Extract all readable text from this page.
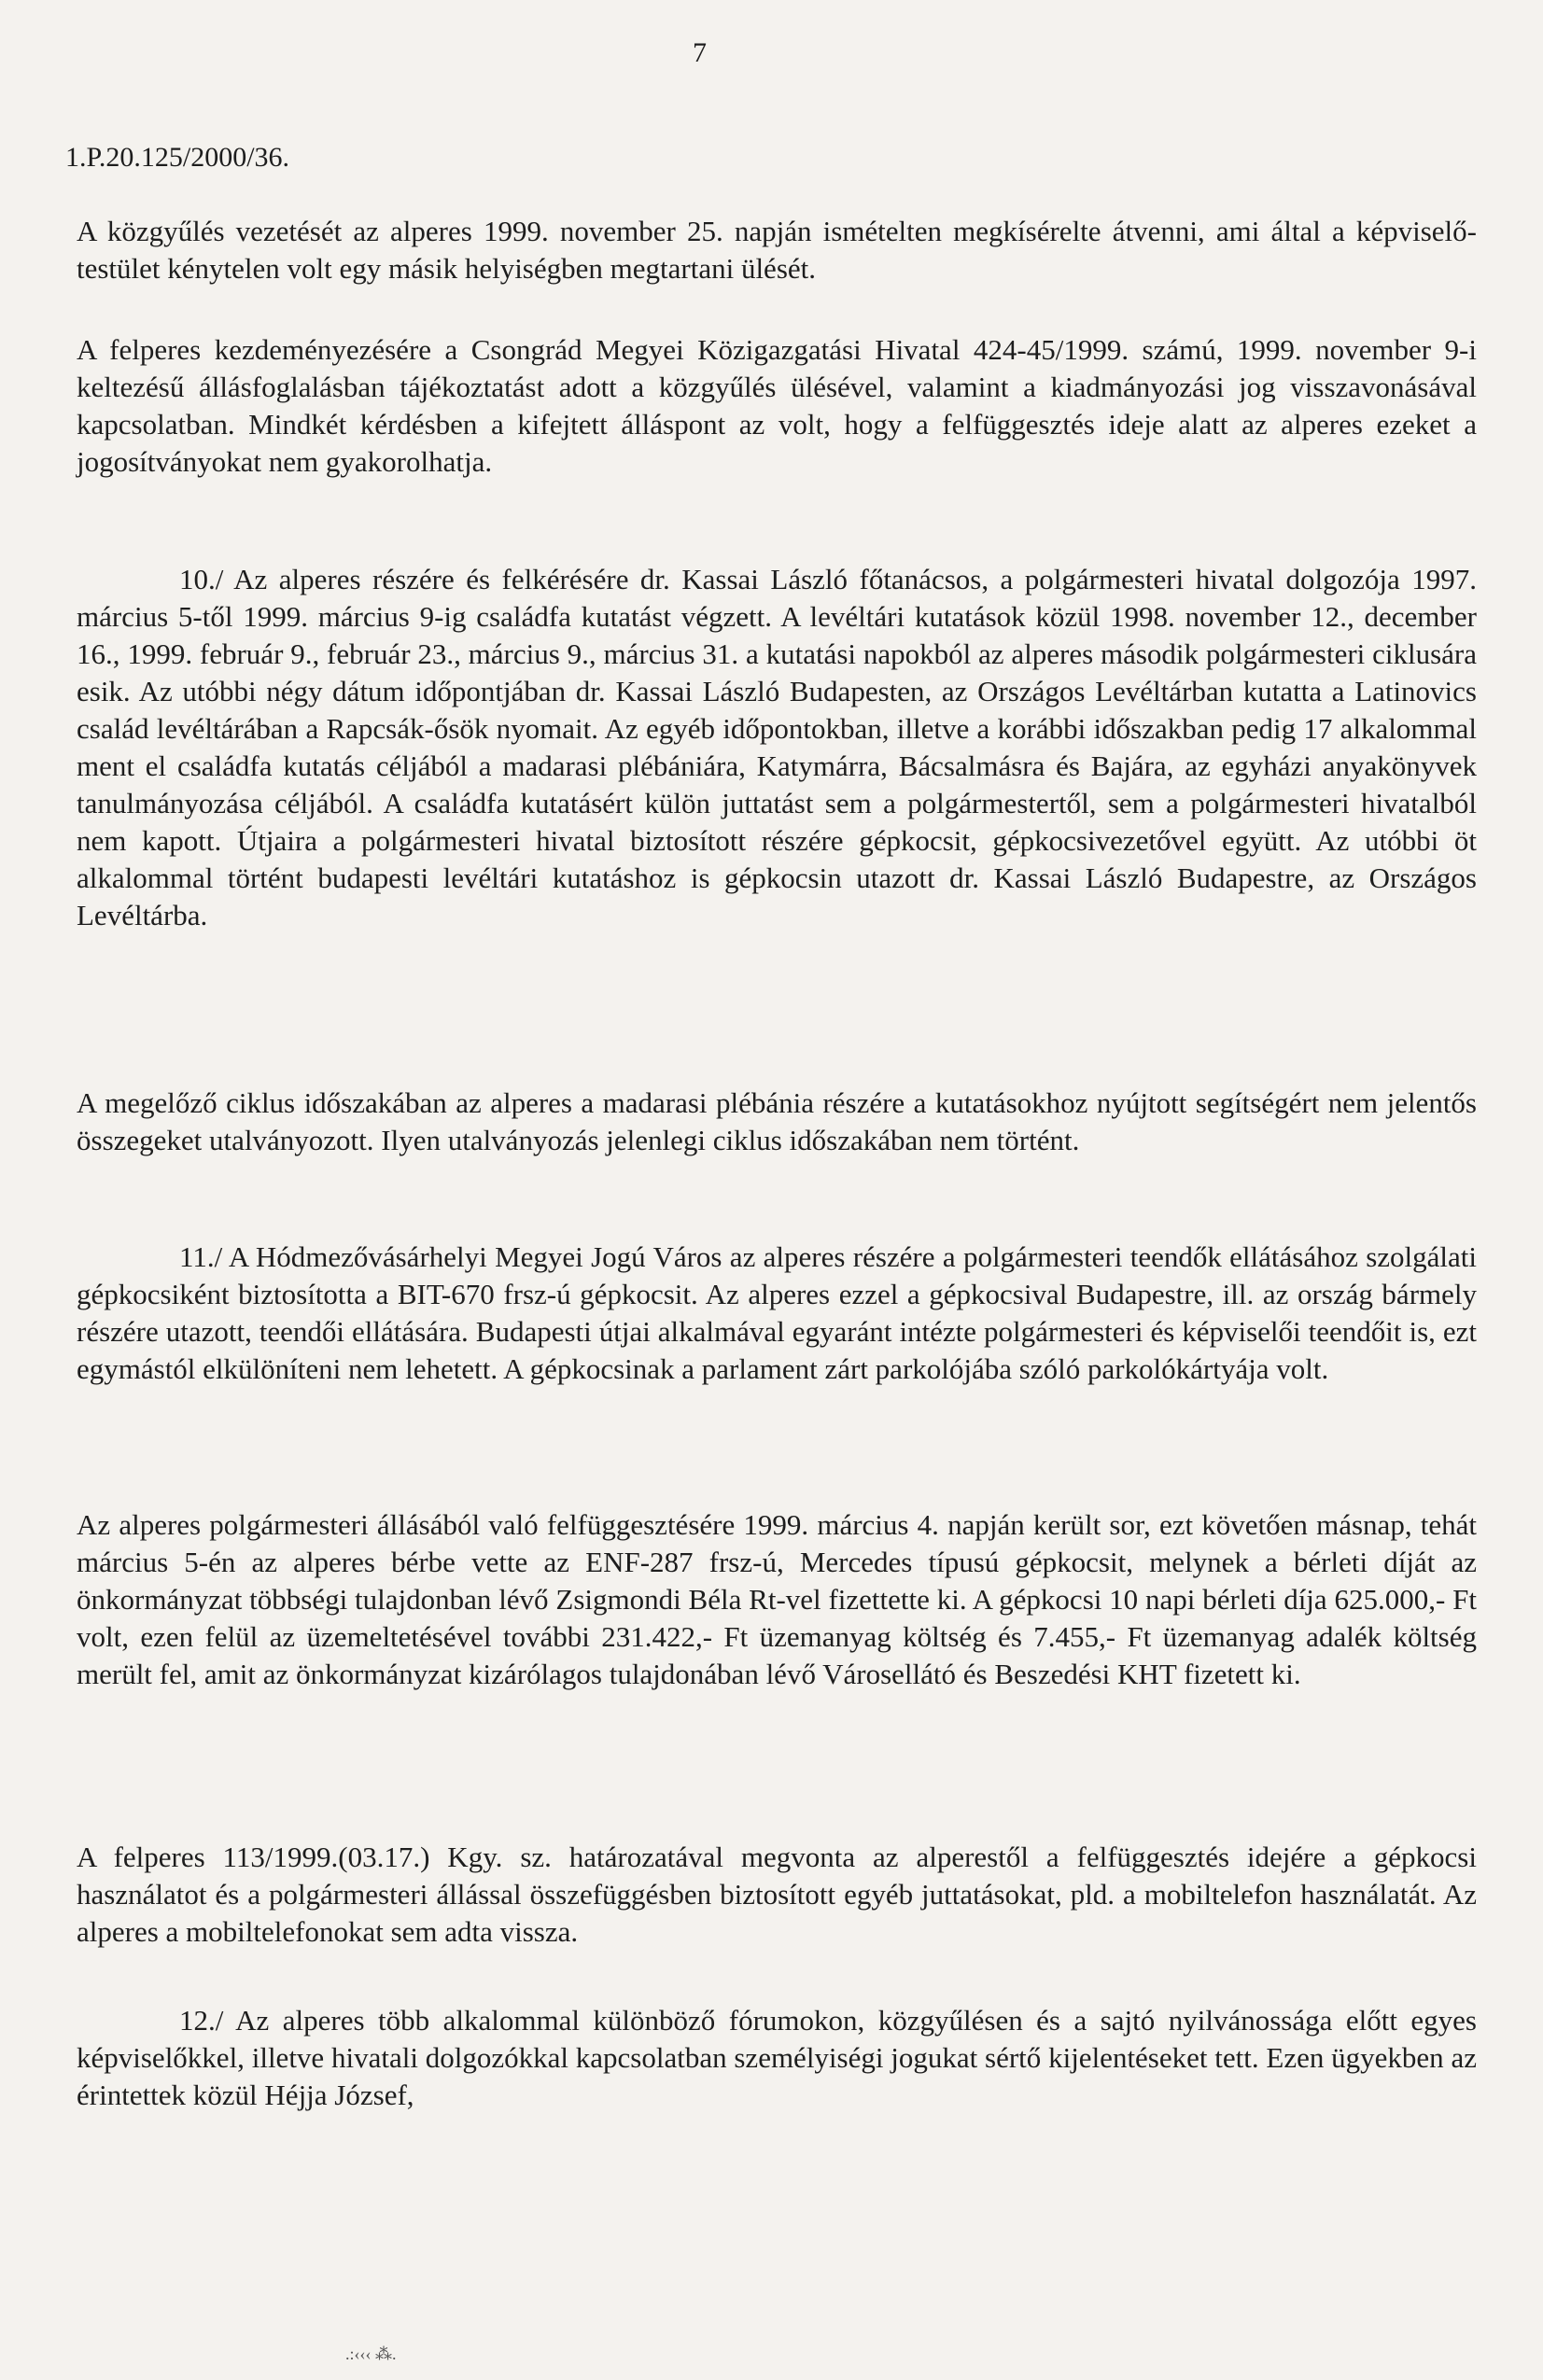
7
1.P.20.125/2000/36.

A közgyűlés vezetését az alperes 1999. november 25. napján ismételten megkísérelte átvenni, ami által a képviselő-testület kénytelen volt egy másik helyiségben megtartani ülését.

A felperes kezdeményezésére a Csongrád Megyei Közigazgatási Hivatal 424-45/1999. számú, 1999. november 9-i keltezésű állásfoglalásban tájékoztatást adott a közgyűlés ülésével, valamint a kiadmányozási jog visszavonásával kapcsolatban. Mindkét kérdésben a kifejtett álláspont az volt, hogy a felfüggesztés ideje alatt az alperes ezeket a jogosítványokat nem gyakorolhatja.

10./ Az alperes részére és felkérésére dr. Kassai László főtanácsos, a polgármesteri hivatal dolgozója 1997. március 5-től 1999. március 9-ig családfa kutatást végzett. A levéltári kutatások közül 1998. november 12., december 16., 1999. február 9., február 23., március 9., március 31. a kutatási napokból az alperes második polgármesteri ciklusára esik. Az utóbbi négy dátum időpontjában dr. Kassai László Budapesten, az Országos Levéltárban kutatta a Latinovics család levéltárában a Rapcsák-ősök nyomait. Az egyéb időpontokban, illetve a korábbi időszakban pedig 17 alkalommal ment el családfa kutatás céljából a madarasi plébániára, Katymárra, Bácsalmásra és Bajára, az egyházi anyakönyvek tanulmányozása céljából. A családfa kutatásért külön juttatást sem a polgármestertől, sem a polgármesteri hivatalból nem kapott. Útjaira a polgármesteri hivatal biztosított részére gépkocsit, gépkocsivezetővel együtt. Az utóbbi öt alkalommal történt budapesti levéltári kutatáshoz is gépkocsin utazott dr. Kassai László Budapestre, az Országos Levéltárba.

A megelőző ciklus időszakában az alperes a madarasi plébánia részére a kutatásokhoz nyújtott segítségért nem jelentős összegeket utalványozott. Ilyen utalványozás jelenlegi ciklus időszakában nem történt.

11./ A Hódmezővásárhelyi Megyei Jogú Város az alperes részére a polgármesteri teendők ellátásához szolgálati gépkocsiként biztosította a BIT-670 frsz-ú gépkocsit. Az alperes ezzel a gépkocsival Budapestre, ill. az ország bármely részére utazott, teendői ellátására. Budapesti útjai alkalmával egyaránt intézte polgármesteri és képviselői teendőit is, ezt egymástól elkülöníteni nem lehetett. A gépkocsinak a parlament zárt parkolójába szóló parkolókártyája volt.

Az alperes polgármesteri állásából való felfüggesztésére 1999. március 4. napján került sor, ezt követően másnap, tehát március 5-én az alperes bérbe vette az ENF-287 frsz-ú, Mercedes típusú gépkocsit, melynek a bérleti díját az önkormányzat többségi tulajdonban lévő Zsigmondi Béla Rt-vel fizettette ki. A gépkocsi 10 napi bérleti díja 625.000,- Ft volt, ezen felül az üzemeltetésével további 231.422,- Ft üzemanyag költség és 7.455,- Ft üzemanyag adalék költség merült fel, amit az önkormányzat kizárólagos tulajdonában lévő Városellátó és Beszedési KHT fizetett ki.

A felperes 113/1999.(03.17.) Kgy. sz. határozatával megvonta az alperestől a felfüggesztés idejére a gépkocsi használatot és a polgármesteri állással összefüggésben biztosított egyéb juttatásokat, pld. a mobiltelefon használatát. Az alperes a mobiltelefonokat sem adta vissza.

12./ Az alperes több alkalommal különböző fórumokon, közgyűlésen és a sajtó nyilvánossága előtt egyes képviselőkkel, illetve hivatali dolgozókkal kapcsolatban személyiségi jogukat sértő kijelentéseket tett. Ezen ügyekben az érintettek közül Héjja József,

.:‹‹‹ ⁂.
